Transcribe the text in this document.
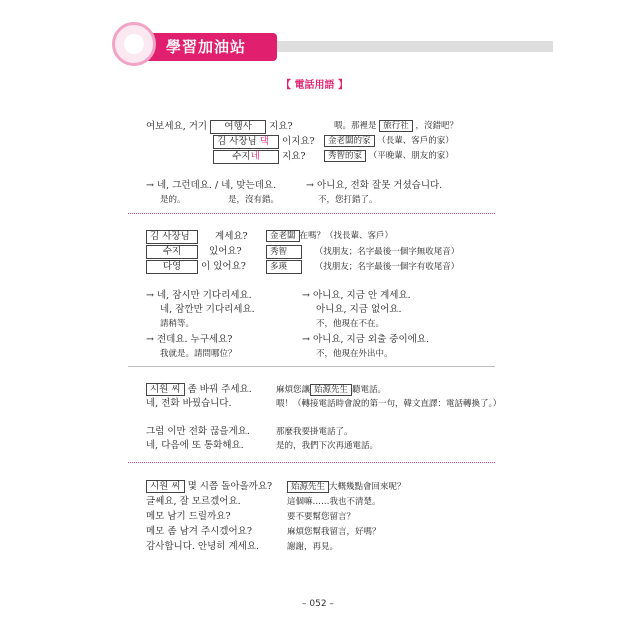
學習加油站
【 電話用語 】
여보세요, 거기 여행사 지요?	喂。那裡是 旅行社 ，沒錯吧？
김 사장님 댁 이지요?	金老闆的家 （長輩、客戶的家）
수지네 지요?	秀智的家 （平晚輩、朋友的家）
→ 네, 그런데요. / 네, 맞는데요.	→ 아니요, 전화 잘못 거셨습니다.
是的。	是，沒有錯。	不，您打錯了。
김 사장님	계세요?	金老闆 在嗎？（找長輩、客戶）
수지	있어요?	秀智	（找朋友；名字最後一個字無收尾音）
다영 이 있어요?	多瑛	（找朋友；名字最後一個字有收尾音）
→ 네, 잠시만 기다리세요.	→ 아니요, 지금 안 계세요.
네, 잠깐만 기다리세요.	아니요, 지금 없어요.
請稍等。	不，他現在不在。
→ 전데요. 누구세요?	→ 아니요, 지금 외출 중이에요.
我就是。請問哪位？	不，他現在外出中。
시원 씨 좀 바꿔 주세요.	麻煩您讓 始源先生 聽電話。
네, 전화 바꿨습니다.	喂！（轉接電話時會說的第一句，韓文直譯：電話轉換了。）
그럼 이만 전화 끊을게요.	那麼我要掛電話了。
네, 다음에 또 통화해요.	是的，我們下次再通電話。
시원 씨 몇 시쯤 돌아올까요?	始源先生 大概幾點會回來呢？
글쎄요, 잘 모르겠어요.	這個嘛……我也不清楚。
메모 남기 드릴까요?	要不要幫您留言？
메모 좀 남겨 주시겠어요?	麻煩您幫我留言，好嗎？
감사합니다. 안녕히 계세요.	謝謝，再見。
– 052 –
